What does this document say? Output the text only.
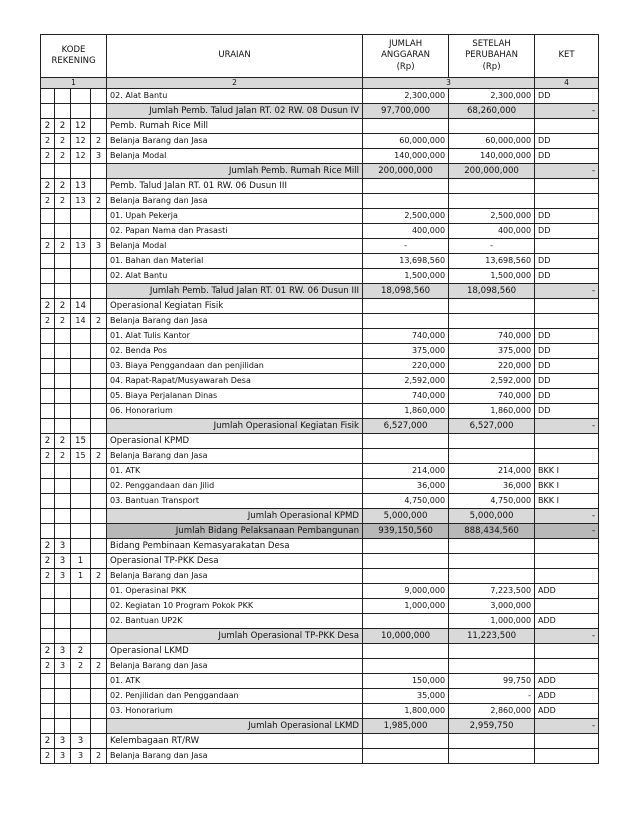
KODE
REKENING				URAIAN	JUMLAH
ANGGARAN
(Rp)	SETELAH
PERUBAHAN
(Rp)	KET
1				2	3		4
				02. Alat Bantu	2,300,000	2,300,000	DD
				Jumlah Pemb. Talud Jalan RT. 02 RW. 08 Dusun IV	97,700,000	68,260,000	-
2	2	12		Pemb. Rumah Rice Mill			
2	2	12	2	Belanja Barang dan Jasa	60,000,000	60,000,000	DD
2	2	12	3	Belanja Modal	140,000,000	140,000,000	DD
				Jumlah Pemb. Rumah Rice Mill	200,000,000	200,000,000	-
2	2	13		Pemb. Talud Jalan RT. 01 RW. 06 Dusun III			
2	2	13	2	Belanja Barang dan Jasa			
				01. Upah Pekerja	2,500,000	2,500,000	DD
				02. Papan Nama dan Prasasti	400,000	400,000	DD
2	2	13	3	Belanja Modal	-	-	
				01. Bahan dan Material	13,698,560	13,698,560	DD
				02. Alat Bantu	1,500,000	1,500,000	DD
				Jumlah Pemb. Talud Jalan RT. 01 RW. 06 Dusun III	18,098,560	18,098,560	-
2	2	14		Operasional Kegiatan Fisik			
2	2	14	2	Belanja Barang dan Jasa			
				01. Alat Tulis Kantor	740,000	740,000	DD
				02. Benda Pos	375,000	375,000	DD
				03. Biaya Penggandaan dan penjilidan	220,000	220,000	DD
				04. Rapat-Rapat/Musyawarah Desa	2,592,000	2,592,000	DD
				05. Biaya Perjalanan Dinas	740,000	740,000	DD
				06. Honorarium	1,860,000	1,860,000	DD
				Jumlah Operasional Kegiatan Fisik	6,527,000	6,527,000	-
2	2	15		Operasional KPMD			
2	2	15	2	Belanja Barang dan Jasa			
				01. ATK	214,000	214,000	BKK I
				02. Penggandaan dan Jilid	36,000	36,000	BKK I
				03. Bantuan Transport	4,750,000	4,750,000	BKK I
				Jumlah Operasional KPMD	5,000,000	5,000,000	-
				Jumlah Bidang Pelaksanaan Pembangunan	939,150,560	888,434,560	-
2	3			Bidang Pembinaan Kemasyarakatan Desa			
2	3	1		Operasional TP-PKK Desa			
2	3	1	2	Belanja Barang dan Jasa			
				01. Operasinal PKK	9,000,000	7,223,500	ADD
				02. Kegiatan 10 Program Pokok PKK	1,000,000	3,000,000	
				02. Bantuan UP2K		1,000,000	ADD
				Jumlah Operasional TP-PKK Desa	10,000,000	11,223,500	-
2	3	2		Operasional LKMD			
2	3	2	2	Belanja Barang dan Jasa			
				01. ATK	150,000	99,750	ADD
				02. Penjilidan dan Penggandaan	35,000	-	ADD
				03. Honorarium	1,800,000	2,860,000	ADD
				Jumlah Operasional LKMD	1,985,000	2,959,750	-
2	3	3		Kelembagaan RT/RW			
2	3	3	2	Belanja Barang dan Jasa			
